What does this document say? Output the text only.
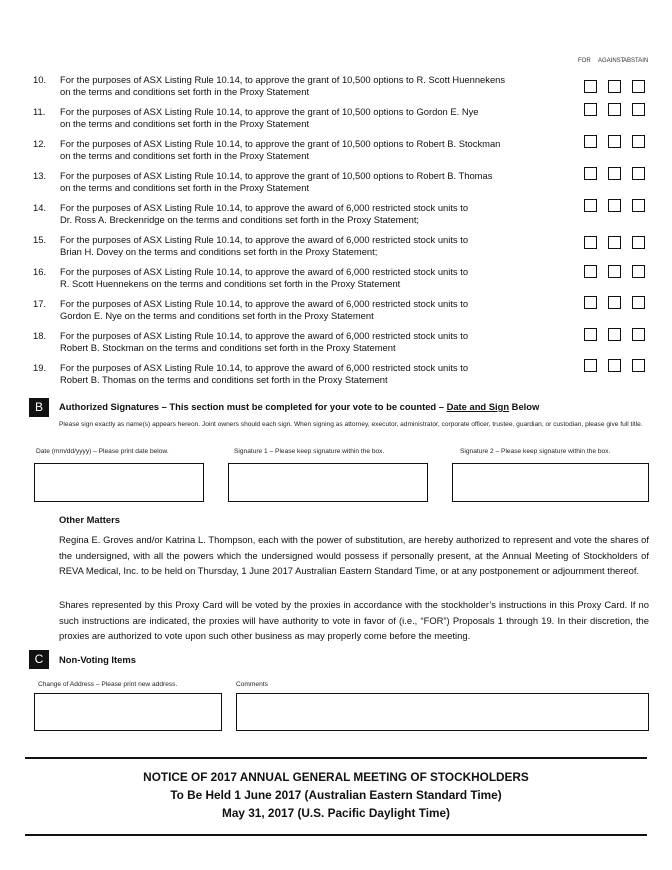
FOR AGAINST
ABSTAIN
10. For the purposes of ASX Listing Rule 10.14, to approve the grant of 10,500 options to R. Scott Huennekens
on the terms and conditions set forth in the Proxy Statement
11. For the purposes of ASX Listing Rule 10.14, to approve the grant of 10,500 options to Gordon E. Nye
on the terms and conditions set forth in the Proxy Statement
12. For the purposes of ASX Listing Rule 10.14, to approve the grant of 10,500 options to Robert B. Stockman
on the terms and conditions set forth in the Proxy Statement
13. For the purposes of ASX Listing Rule 10.14, to approve the grant of 10,500 options to Robert B. Thomas
on the terms and conditions set forth in the Proxy Statement
14. For the purposes of ASX Listing Rule 10.14, to approve the award of 6,000 restricted stock units to
Dr. Ross A. Breckenridge on the terms and conditions set forth in the Proxy Statement;
15. For the purposes of ASX Listing Rule 10.14, to approve the award of 6,000 restricted stock units to
Brian H. Dovey on the terms and conditions set forth in the Proxy Statement;
16. For the purposes of ASX Listing Rule 10.14, to approve the award of 6,000 restricted stock units to
R. Scott Huennekens on the terms and conditions set forth in the Proxy Statement
17. For the purposes of ASX Listing Rule 10.14, to approve the award of 6,000 restricted stock units to
Gordon E. Nye on the terms and conditions set forth in the Proxy Statement
18. For the purposes of ASX Listing Rule 10.14, to approve the award of 6,000 restricted stock units to
Robert B. Stockman on the terms and conditions set forth in the Proxy Statement
19. For the purposes of ASX Listing Rule 10.14, to approve the award of 6,000 restricted stock units to
Robert B. Thomas on the terms and conditions set forth in the Proxy Statement
B	Authorized Signatures – This section must be completed for your vote to be counted – Date and Sign Below
Please sign exactly as name(s) appears hereon. Joint owners should each sign. When signing as attorney, executor, administrator, corporate officer, trustee, guardian, or custodian, please give full title.
Date (mm/dd/yyyy) – Please print date below.	Signature 1 – Please keep signature within the box.	Signature 2 – Please keep signature within the box.
Other Matters
Regina E. Groves and/or Katrina L. Thompson, each with the power of substitution, are hereby authorized to represent and vote the shares of the undersigned, with all the powers which the undersigned would possess if personally present, at the Annual Meeting of Stockholders of REVA Medical, Inc. to be held on Thursday, 1 June 2017 Australian Eastern Standard Time, or at any postponement or adjournment thereof.
Shares represented by this Proxy Card will be voted by the proxies in accordance with the stockholder’s instructions in this Proxy Card. If no such instructions are indicated, the proxies will have authority to vote in favor of (i.e., “FOR”) Proposals 1 through 19. In their discretion, the proxies are authorized to vote upon such other business as may properly come before the meeting.
C	Non-Voting Items
Change of Address – Please print new address.	Comments
NOTICE OF 2017 ANNUAL GENERAL MEETING OF STOCKHOLDERS
To Be Held 1 June 2017 (Australian Eastern Standard Time)
May 31, 2017 (U.S. Pacific Daylight Time)
